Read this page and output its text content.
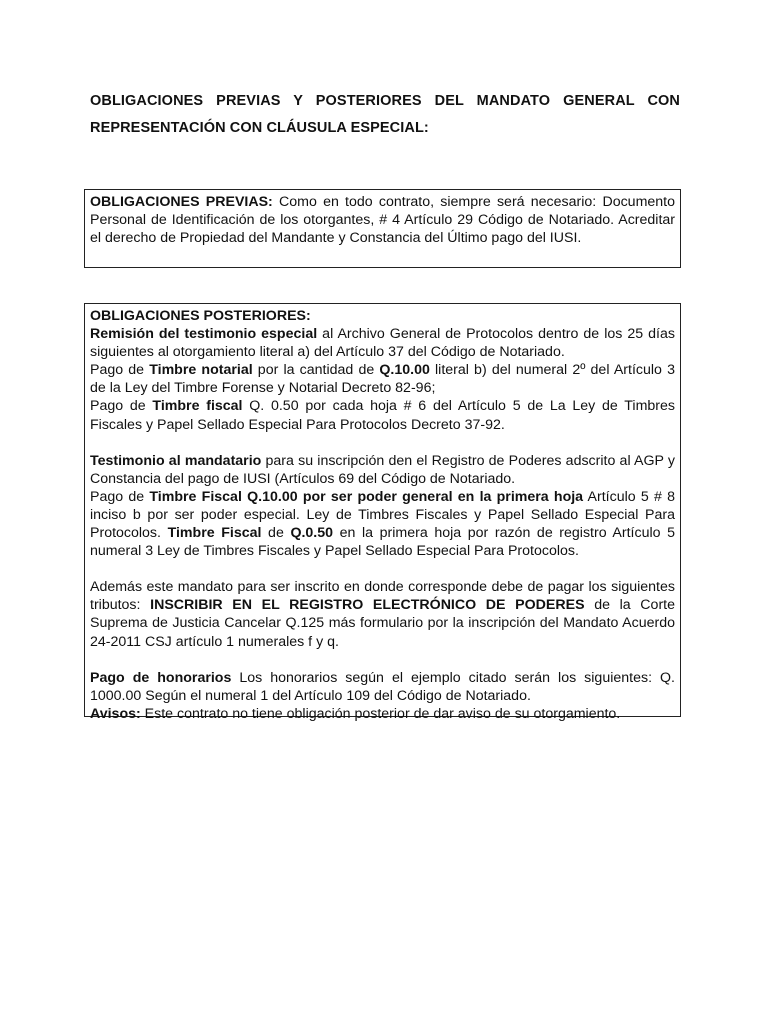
OBLIGACIONES PREVIAS Y POSTERIORES DEL MANDATO GENERAL CON
REPRESENTACIÓN CON CLÁUSULA ESPECIAL:

OBLIGACIONES PREVIAS: Como en todo contrato, siempre será necesario: Documento Personal de Identificación de los otorgantes, # 4 Artículo 29 Código de Notariado. Acreditar el derecho de Propiedad del Mandante y Constancia del Último pago del IUSI.

OBLIGACIONES POSTERIORES:

Remisión del testimonio especial al Archivo General de Protocolos dentro de los 25 días siguientes al otorgamiento literal a) del Artículo 37 del Código de Notariado.

Pago de Timbre notarial por la cantidad de Q.10.00 literal b) del numeral 2º del Artículo 3 de la Ley del Timbre Forense y Notarial Decreto 82-96;

Pago de Timbre fiscal Q. 0.50 por cada hoja # 6 del Artículo 5 de La Ley de Timbres Fiscales y Papel Sellado Especial Para Protocolos Decreto 37-92.

Testimonio al mandatario para su inscripción den el Registro de Poderes adscrito al AGP y Constancia del pago de IUSI (Artículos 69 del Código de Notariado.

Pago de Timbre Fiscal Q.10.00 por ser poder general en la primera hoja Artículo 5 # 8 inciso b por ser poder especial. Ley de Timbres Fiscales y Papel Sellado Especial Para Protocolos. Timbre Fiscal de Q.0.50 en la primera hoja por razón de registro Artículo 5 numeral 3 Ley de Timbres Fiscales y Papel Sellado Especial Para Protocolos.

Además este mandato para ser inscrito en donde corresponde debe de pagar los siguientes tributos: INSCRIBIR EN EL REGISTRO ELECTRÓNICO DE PODERES de la Corte Suprema de Justicia Cancelar Q.125 más formulario por la inscripción del Mandato Acuerdo 24-2011 CSJ artículo 1 numerales f y q.

Pago de honorarios Los honorarios según el ejemplo citado serán los siguientes: Q. 1000.00 Según el numeral 1 del Artículo 109 del Código de Notariado.

Avisos: Este contrato no tiene obligación posterior de dar aviso de su otorgamiento.
